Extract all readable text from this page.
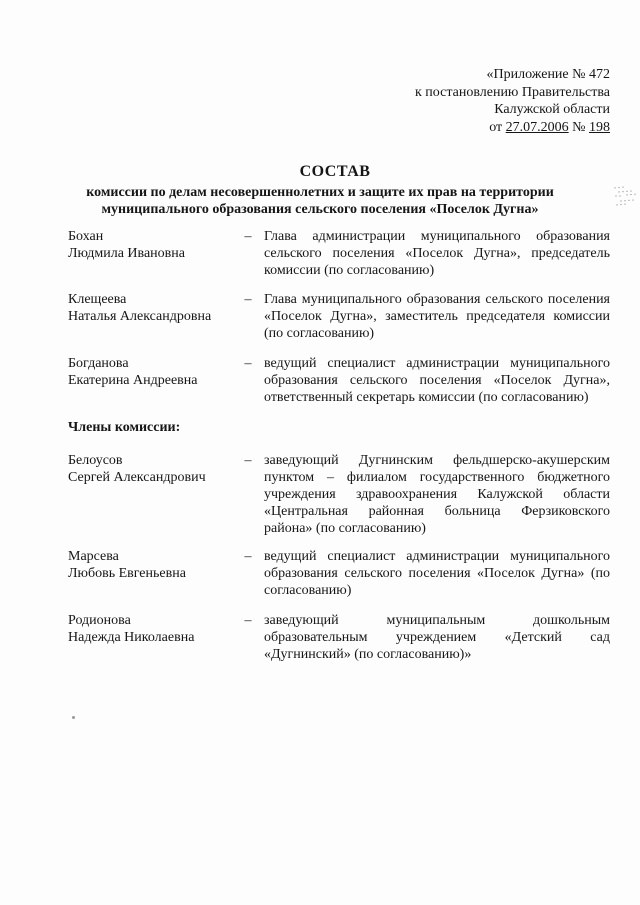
«Приложение № 472
к постановлению Правительства
Калужской области
от 27.07.2006 № 198
СОСТАВ
комиссии по делам несовершеннолетних и защите их прав на территории
муниципального образования сельского поселения «Поселок Дугна»
Бохан
Людмила Ивановна
– Глава администрации муниципального образования сельского поселения «Поселок Дугна», председатель комиссии (по согласованию)
Клещеева
Наталья Александровна
– Глава муниципального образования сельского поселения «Поселок Дугна», заместитель председателя комиссии (по согласованию)
Богданова
Екатерина Андреевна
– ведущий специалист администрации муниципального образования сельского поселения «Поселок Дугна», ответственный секретарь комиссии (по согласованию)
Члены комиссии:
Белоусов
Сергей Александрович
– заведующий Дугнинским фельдшерско-акушерским пунктом – филиалом государственного бюджетного учреждения здравоохранения Калужской области «Центральная районная больница Ферзиковского района» (по согласованию)
Марсева
Любовь Евгеньевна
– ведущий специалист администрации муниципального образования сельского поселения «Поселок Дугна» (по согласованию)
Родионова
Надежда Николаевна
– заведующий муниципальным дошкольным образовательным учреждением «Детский сад «Дугнинский» (по согласованию)»
